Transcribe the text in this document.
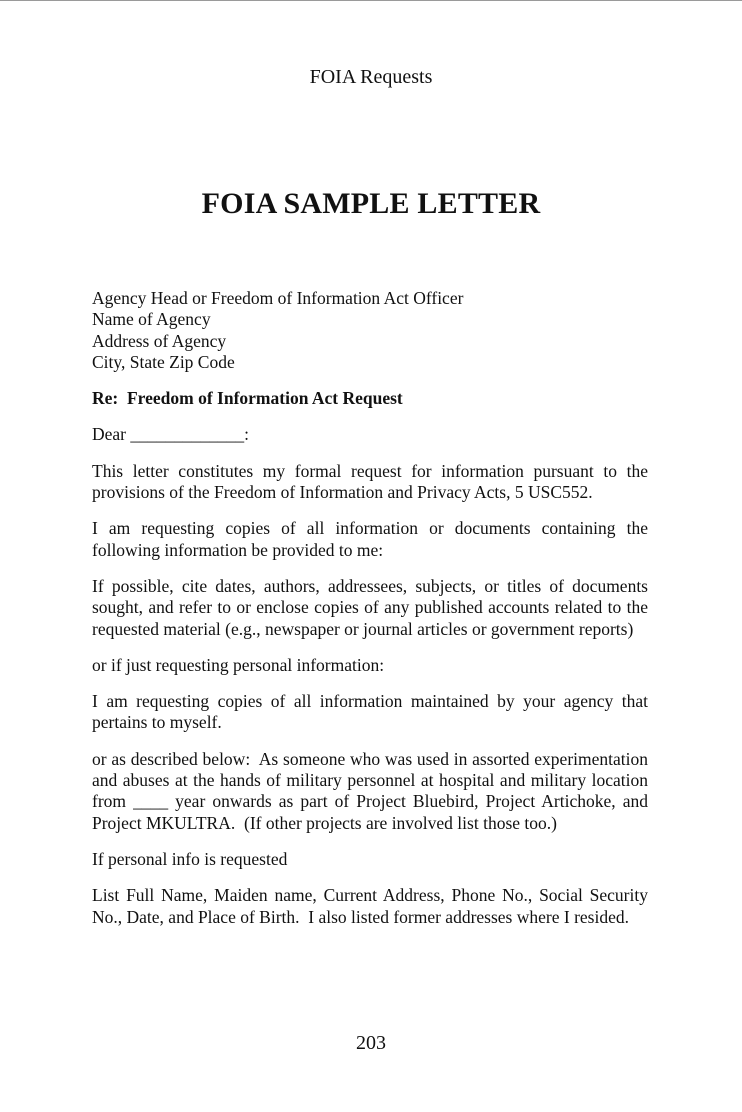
FOIA Requests
FOIA SAMPLE LETTER
Agency Head or Freedom of Information Act Officer
Name of Agency
Address of Agency
City, State Zip Code
Re:  Freedom of Information Act Request
Dear _____________:
This letter constitutes my formal request for information pursuant to the provisions of the Freedom of Information and Privacy Acts, 5 USC552.
I am requesting copies of all information or documents containing the following information be provided to me:
If possible, cite dates, authors, addressees, subjects, or titles of documents sought, and refer to or enclose copies of any published accounts related to the requested material (e.g., newspaper or journal articles or government reports)
or if just requesting personal information:
I am requesting copies of all information maintained by your agency that pertains to myself.
or as described below:  As someone who was used in assorted experimentation and abuses at the hands of military personnel at hospital and military location from ____ year onwards as part of Project Bluebird, Project Artichoke, and Project MKULTRA.  (If other projects are involved list those too.)
If personal info is requested
List Full Name, Maiden name, Current Address, Phone No., Social Security No., Date, and Place of Birth.  I also listed former addresses where I resided.
203
